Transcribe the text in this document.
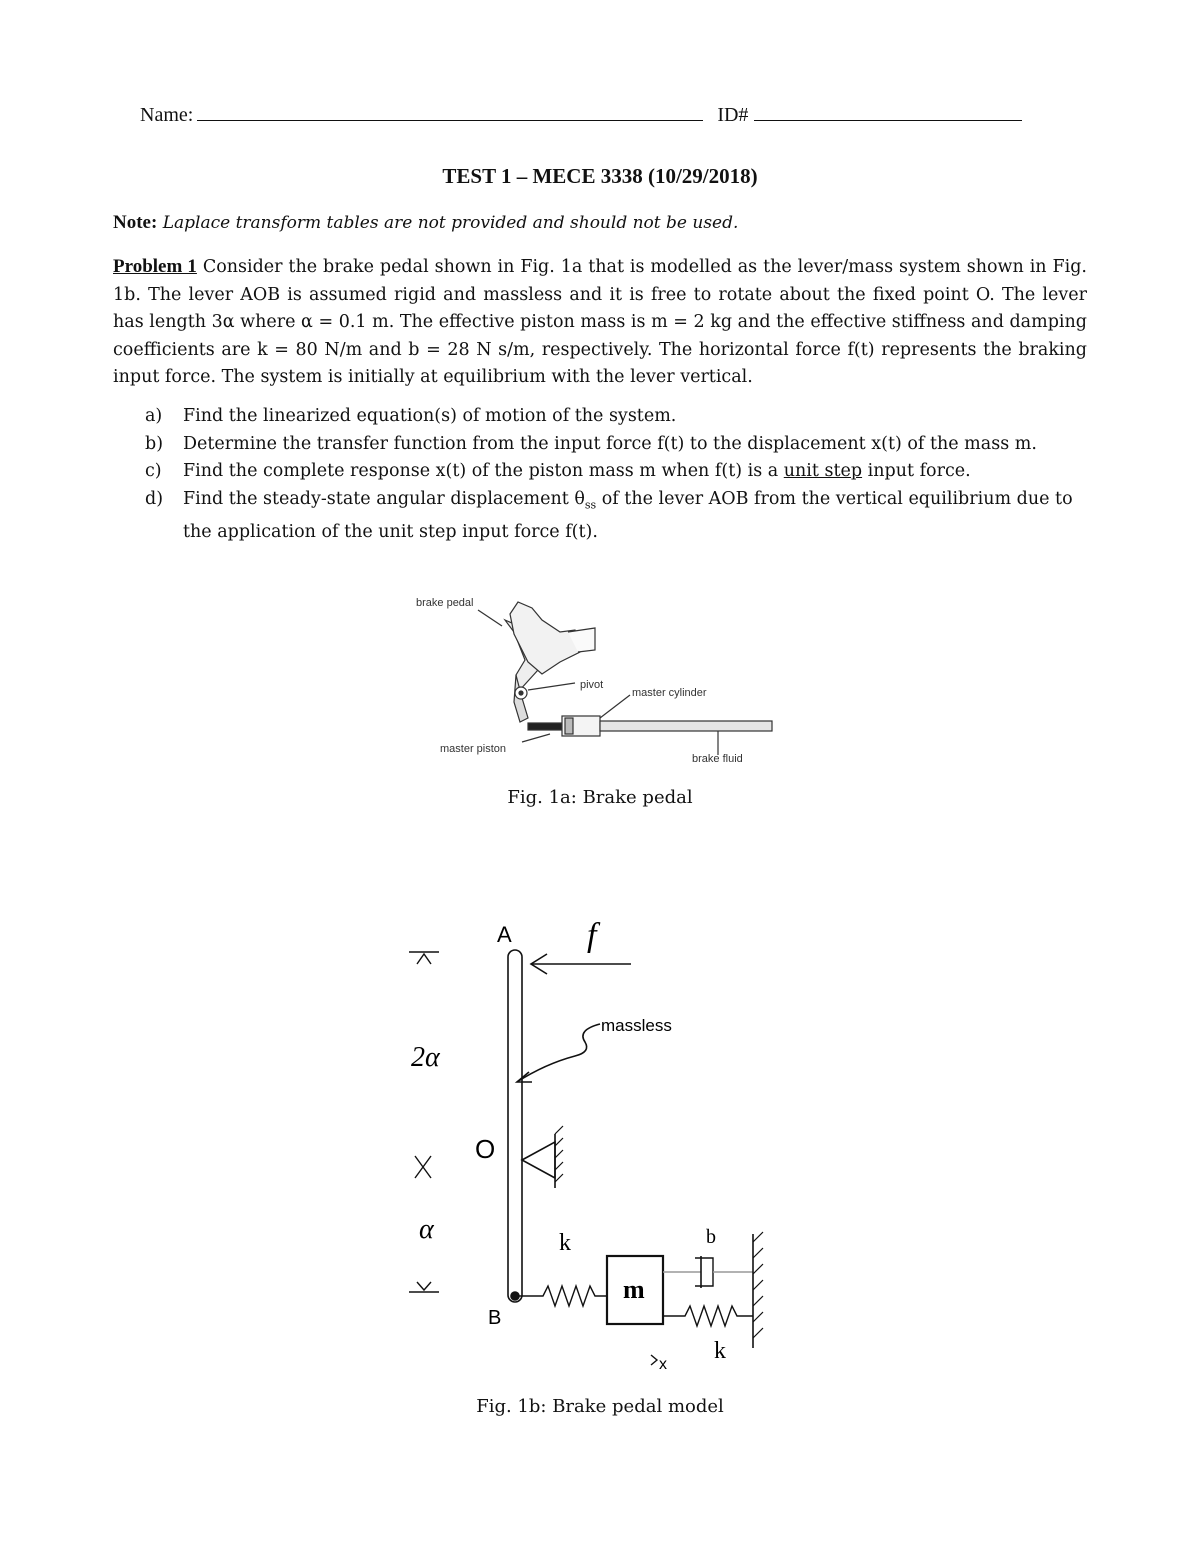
Name:	ID#
TEST 1 – MECE 3338 (10/29/2018)
Note: Laplace transform tables are not provided and should not be used.
Problem 1 Consider the brake pedal shown in Fig. 1a that is modelled as the lever/mass system shown in Fig. 1b. The lever AOB is assumed rigid and massless and it is free to rotate about the fixed point O. The lever has length 3α where α = 0.1 m. The effective piston mass is m = 2 kg and the effective stiffness and damping coefficients are k = 80 N/m and b = 28 N s/m, respectively. The horizontal force f(t) represents the braking input force. The system is initially at equilibrium with the lever vertical.
a) Find the linearized equation(s) of motion of the system.
b) Determine the transfer function from the input force f(t) to the displacement x(t) of the mass m.
c) Find the complete response x(t) of the piston mass m when f(t) is a unit step input force.
d) Find the steady-state angular displacement $\theta_{ss}$ of the lever AOB from the vertical equilibrium due to the application of the unit step input force f(t).
brake pedal
pivot
master cylinder
master piston
brake fluid
Fig. 1a: Brake pedal
A f
massless
2α
O
α	k
m
b
B
x
k
Fig. 1b: Brake pedal model
